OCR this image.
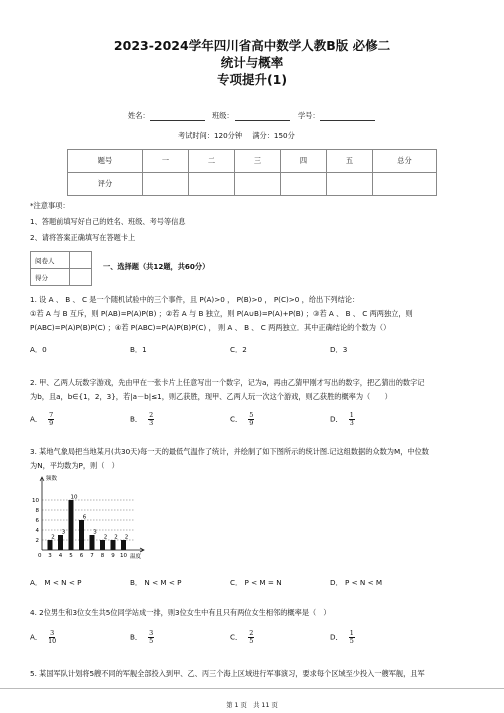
2023-2024学年四川省高中数学人教B版 必修二
统计与概率
专项提升(1)
姓名：	班级：	学号：
考试时间：120分钟 满分：150分
题号	一	二	三	四	五	总分
评分						
*注意事项：
1、答题前填写好自己的姓名、班级、考号等信息
2、请将答案正确填写在答题卡上
阅卷人	
得分	
一、选择题（共12题，共60分）
1. 设 A 、 B 、 C 是一个随机试验中的三个事件，且 P(A)>0 ， P(B)>0 ， P(C)>0 ，给出下列结论：
①若 A 与 B 互斥，则 P(AB)=P(A)P(B) ；②若 A 与 B 独立，则 P(A∪B)=P(A)+P(B) ；③若 A 、 B 、 C 两两独立，则
P(ABC)=P(A)P(B)P(C) ；④若 P(ABC)=P(A)P(B)P(C) ， 则 A 、 B 、 C 两两独立．其中正确结论的个数为（）
A．0	B．1	C．2	D．3
2. 甲、乙两人玩数字游戏，先由甲在一张卡片上任意写出一个数字，记为a，再由乙猜甲刚才写出的数字，把乙猜出的数字记
为b，且a，b∈{1，2，3}，若|a－b|≤1，则乙获胜，现甲、乙两人玩一次这个游戏，则乙获胜的概率为（　　）
A． $\frac{7}{9}$	B． $\frac{2}{3}$	C． $\frac{5}{9}$	D． $\frac{1}{3}$
3. 某地气象局把当地某月(共30天)每一天的最低气温作了统计，并绘制了如下图所示的统计图.记这组数据的众数为M，中位数
为N，平均数为P，则（　）
2
4
6
8
10
频数
温度
0
2
3
3
4
10
5
6
6
3
7
2
8
2
9
2
10
A． M < N < P	B． N < M < P	C． P < M = N	D． P < N < M
4. 2位男生和3位女生共5位同学站成一排，则3位女生中有且只有两位女生相邻的概率是（　）
A． $\frac{3}{10}$	B． $\frac{3}{5}$	C． $\frac{2}{5}$	D． $\frac{1}{5}$
5. 某国军队计划将5艘不同的军舰全部投入到甲、乙、丙三个海上区域进行军事演习，要求每个区域至少投入一艘军舰，且军
第 1 页　共 11 页
